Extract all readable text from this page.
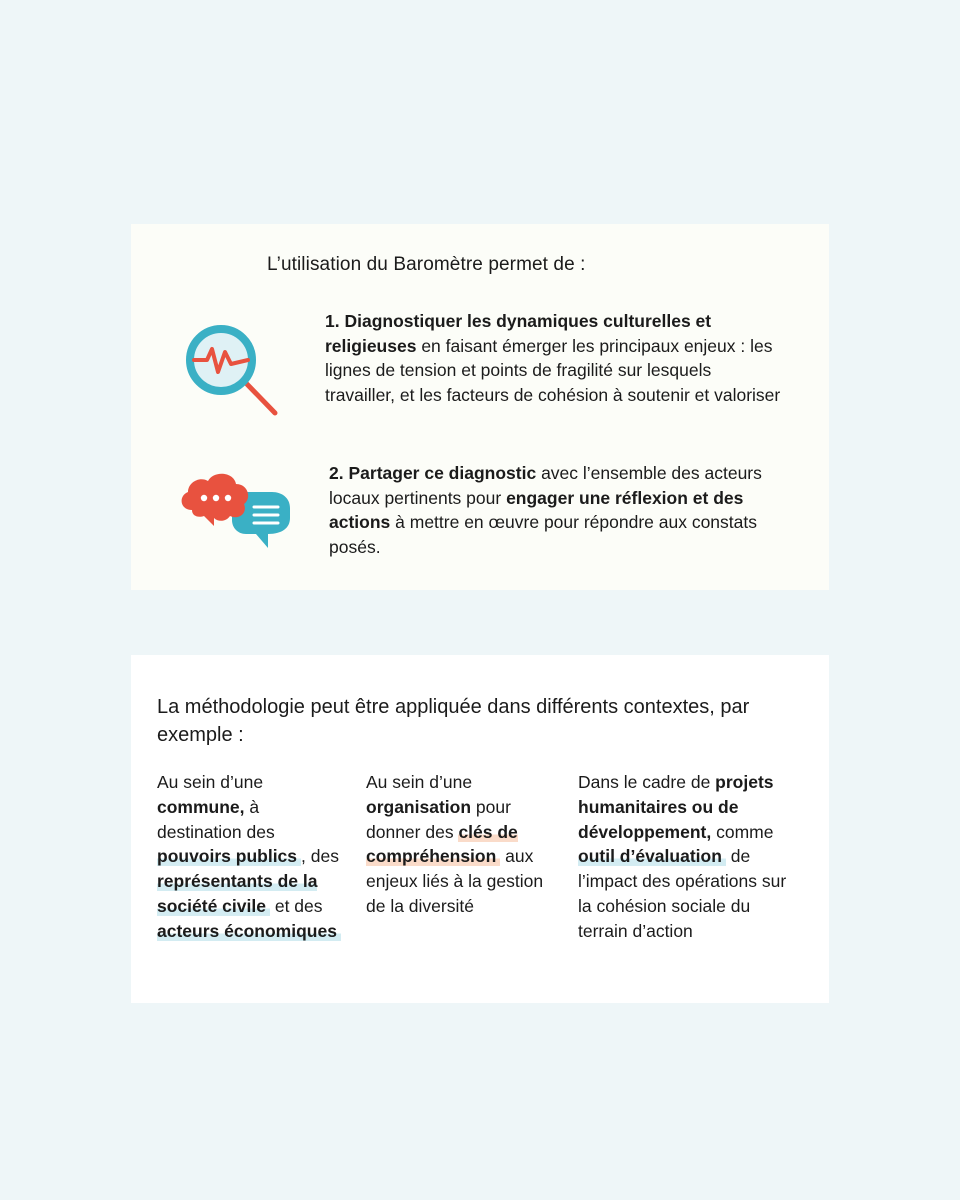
L’utilisation du Baromètre permet de :
1. Diagnostiquer les dynamiques culturelles et religieuses en faisant émerger les principaux enjeux : les lignes de tension et points de fragilité sur lesquels travailler, et les facteurs de cohésion à soutenir et valoriser
2. Partager ce diagnostic avec l’ensemble des acteurs locaux pertinents pour engager une réflexion et des actions à mettre en œuvre pour répondre aux constats posés.
La méthodologie peut être appliquée dans différents contextes, par exemple :
Au sein d’une commune, à destination des pouvoirs publics , des représentants de la société civile et des acteurs économiques
Au sein d’une organisation pour donner des clés de compréhension aux enjeux liés à la gestion de la diversité
Dans le cadre de projets humanitaires ou de développement, comme outil d’évaluation de l’impact des opérations sur la cohésion sociale du terrain d’action
